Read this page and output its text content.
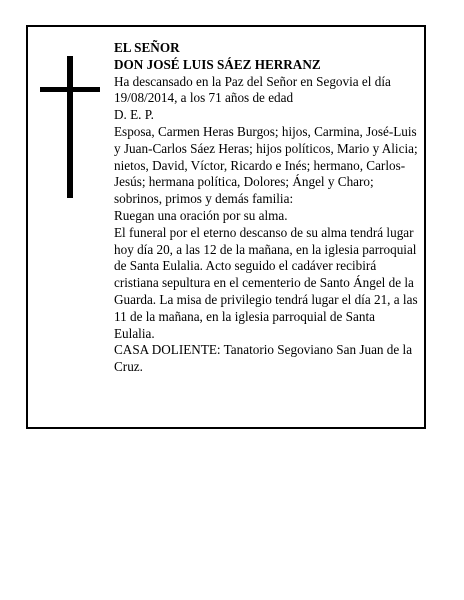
EL SEÑOR

DON JOSÉ LUIS SÁEZ HERRANZ

Ha descansado en la Paz del Señor en Segovia el día 19/08/2014, a los 71 años de edad

D. E. P.

Esposa, Carmen Heras Burgos; hijos, Carmina, José-Luis y Juan-Carlos Sáez Heras; hijos políticos, Mario y Alicia; nietos, David, Víctor, Ricardo e Inés; hermano, Carlos-Jesús; hermana política, Dolores; Ángel y Charo; sobrinos, primos y demás familia:

Ruegan una oración por su alma.

El funeral por el eterno descanso de su alma tendrá lugar hoy día 20, a las 12 de la mañana, en la iglesia parroquial de Santa Eulalia. Acto seguido el cadáver recibirá cristiana sepultura en el cementerio de Santo Ángel de la Guarda. La misa de privilegio tendrá lugar el día 21, a las 11 de la mañana, en la iglesia parroquial de Santa Eulalia.

CASA DOLIENTE: Tanatorio Segoviano San Juan de la Cruz.
